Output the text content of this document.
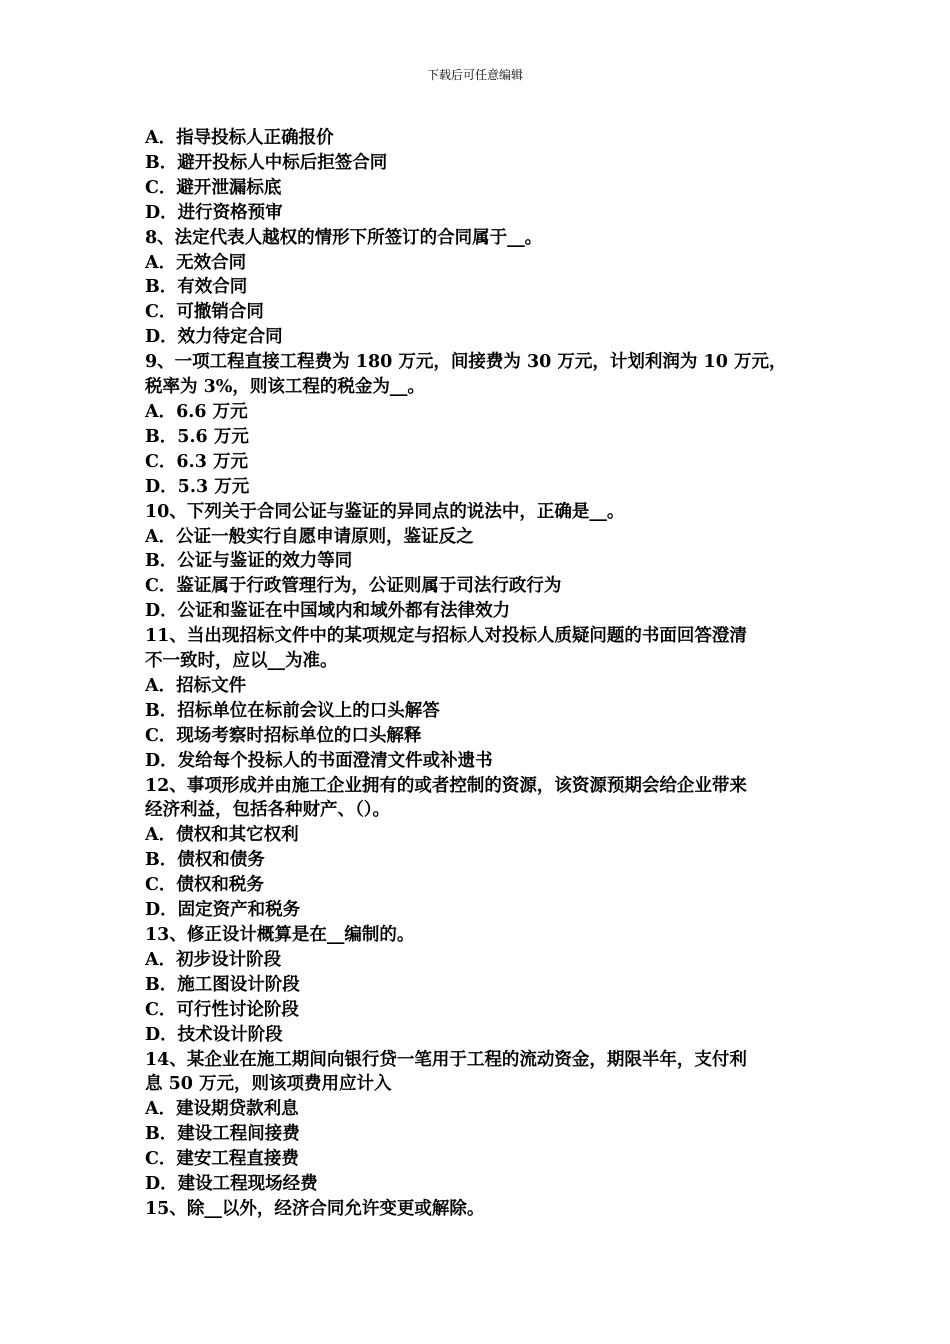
下载后可任意编辑
A．指导投标人正确报价
B．避开投标人中标后拒签合同
C．避开泄漏标底
D．进行资格预审
8、法定代表人越权的情形下所签订的合同属于__。
A．无效合同
B．有效合同
C．可撤销合同
D．效力待定合同
9、一项工程直接工程费为 180 万元，间接费为 30 万元，计划利润为 10 万元，
税率为 3%，则该工程的税金为__。
A．6.6 万元
B．5.6 万元
C．6.3 万元
D．5.3 万元
10、下列关于合同公证与鉴证的异同点的说法中，正确是__。
A．公证一般实行自愿申请原则，鉴证反之
B．公证与鉴证的效力等同
C．鉴证属于行政管理行为，公证则属于司法行政行为
D．公证和鉴证在中国域内和域外都有法律效力
11、当出现招标文件中的某项规定与招标人对投标人质疑问题的书面回答澄清
不一致时，应以__为准。
A．招标文件
B．招标单位在标前会议上的口头解答
C．现场考察时招标单位的口头解释
D．发给每个投标人的书面澄清文件或补遗书
12、事项形成并由施工企业拥有的或者控制的资源，该资源预期会给企业带来
经济利益，包括各种财产、（）。
A．债权和其它权利
B．债权和债务
C．债权和税务
D．固定资产和税务
13、修正设计概算是在__编制的。
A．初步设计阶段
B．施工图设计阶段
C．可行性讨论阶段
D．技术设计阶段
14、某企业在施工期间向银行贷一笔用于工程的流动资金，期限半年，支付利
息 50 万元，则该项费用应计入
A．建设期贷款利息
B．建设工程间接费
C．建安工程直接费
D．建设工程现场经费
15、除__以外，经济合同允许变更或解除。
